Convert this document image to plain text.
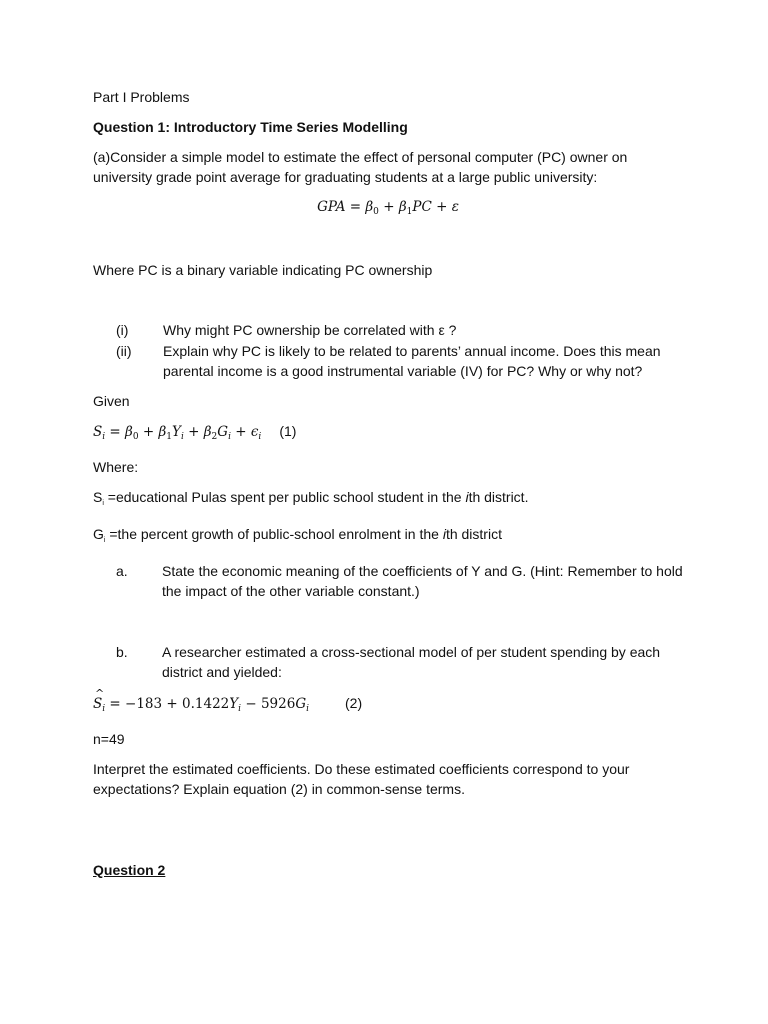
Part I Problems

Question 1: Introductory Time Series Modelling

(a)Consider a simple model to estimate the effect of personal computer (PC) owner on university grade point average for graduating students at a large public university:

GPA = $\beta_0 + \beta_1PC + \varepsilon$

Where PC is a binary variable indicating PC ownership

(i)	Why might PC ownership be correlated with ε ?
(ii)	Explain why PC is likely to be related to parents’ annual income. Does this mean parental income is a good instrumental variable (IV) for PC? Why or why not?

Given

$S_i = \beta_0 + \beta_1Y_i + \beta_2G_i + \epsilon_i$ (1)

Where:

$S_i$ =educational Pulas spent per public school student in the ith district.

$G_i =the$ percent growth of public-school enrolment in the ith district

a.	State the economic meaning of the coefficients of Y and G. (Hint: Remember to hold the impact of the other variable constant.)
b.	A researcher estimated a cross-sectional model of per student spending by each district and yielded:

^ $S_i = -183 + 0.1422Y_i - 5926G_i$	(2)

n=49

Interpret the estimated coefficients. Do these estimated coefficients correspond to your expectations? Explain equation (2) in common-sense terms.

Question 2
